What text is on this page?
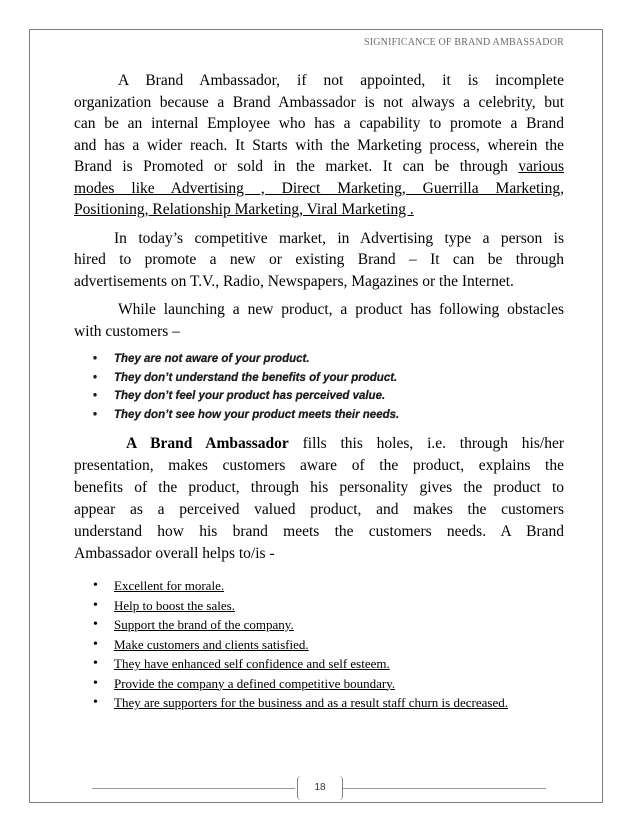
SIGNIFICANCE OF BRAND AMBASSADOR

A Brand Ambassador, if not appointed, it is incomplete
organization because a Brand Ambassador is not always a celebrity, but
can be an internal Employee who has a capability to promote a Brand
and has a wider reach. It Starts with the Marketing process, wherein the
Brand is Promoted or sold in the market. It can be through various
modes like Advertising , Direct Marketing, Guerrilla Marketing,
Positioning, Relationship Marketing, Viral Marketing .

In today’s competitive market, in Advertising type a person is
hired to promote a new or existing Brand – It can be through
advertisements on T.V., Radio, Newspapers, Magazines or the Internet.

While launching a new product, a product has following obstacles
with customers –

• They are not aware of your product.
• They don’t understand the benefits of your product.
• They don’t feel your product has perceived value.
• They don’t see how your product meets their needs.

A Brand Ambassador fills this holes, i.e. through his/her
presentation, makes customers aware of the product, explains the
benefits of the product, through his personality gives the product to
appear as a perceived valued product, and makes the customers
understand how his brand meets the customers needs. A Brand
Ambassador overall helps to/is -

• Excellent for morale.
• Help to boost the sales.
• Support the brand of the company.
• Make customers and clients satisfied.
• They have enhanced self confidence and self esteem.
• Provide the company a defined competitive boundary.
• They are supporters for the business and as a result staff churn is decreased.
18
